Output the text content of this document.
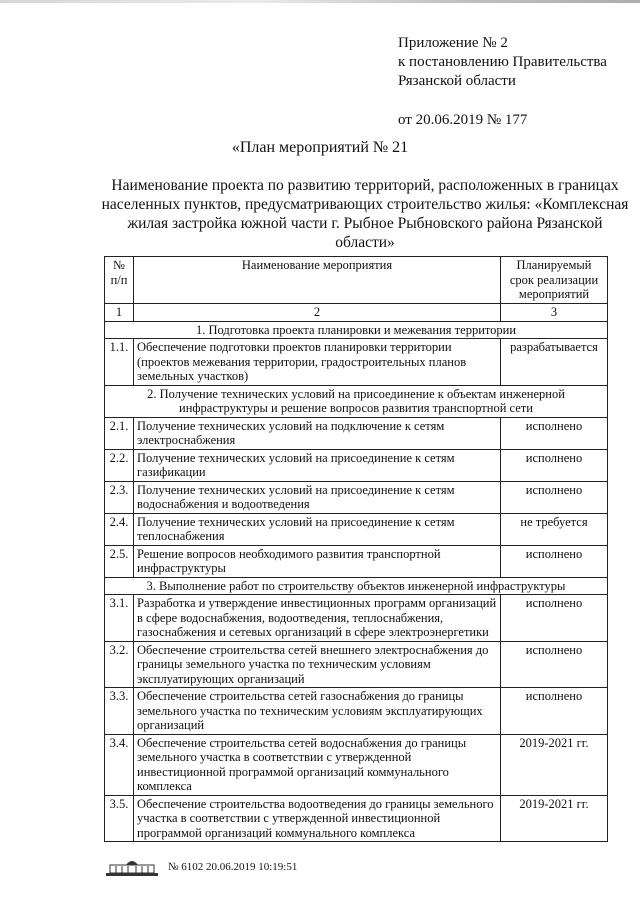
Приложение № 2
к постановлению Правительства
Рязанской области
от 20.06.2019 № 177
«План мероприятий № 21
Наименование проекта по развитию территорий, расположенных в границах населенных пунктов, предусматривающих строительство жилья: «Комплексная жилая застройка южной части г. Рыбное Рыбновского района Рязанской области»
№ п/п	Наименование мероприятия	Планируемый срок реализации мероприятий
1	2	3
1. Подготовка проекта планировки и межевания территории		
1.1.	Обеспечение подготовки проектов планировки территории (проектов межевания территории, градостроительных планов земельных участков)	разрабатывается
2. Получение технических условий на присоединение к объектам инженерной инфраструктуры и решение вопросов развития транспортной сети		
2.1.	Получение технических условий на подключение к сетям электроснабжения	исполнено
2.2.	Получение технических условий на присоединение к сетям газификации	исполнено
2.3.	Получение технических условий на присоединение к сетям водоснабжения и водоотведения	исполнено
2.4.	Получение технических условий на присоединение к сетям теплоснабжения	не требуется
2.5.	Решение вопросов необходимого развития транспортной инфраструктуры	исполнено
3. Выполнение работ по строительству объектов инженерной инфраструктуры		
3.1.	Разработка и утверждение инвестиционных программ организаций в сфере водоснабжения, водоотведения, теплоснабжения, газоснабжения и сетевых организаций в сфере электроэнергетики	исполнено
3.2.	Обеспечение строительства сетей внешнего электроснабжения до границы земельного участка по техническим условиям эксплуатирующих организаций	исполнено
3.3.	Обеспечение строительства сетей газоснабжения до границы земельного участка по техническим условиям эксплуатирующих организаций	исполнено
3.4.	Обеспечение строительства сетей водоснабжения до границы земельного участка в соответствии с утвержденной инвестиционной программой организаций коммунального комплекса	2019-2021 гг.
3.5.	Обеспечение строительства водоотведения до границы земельного участка в соответствии с утвержденной инвестиционной программой организаций коммунального комплекса	2019-2021 гг.
№ 6102 20.06.2019 10:19:51
